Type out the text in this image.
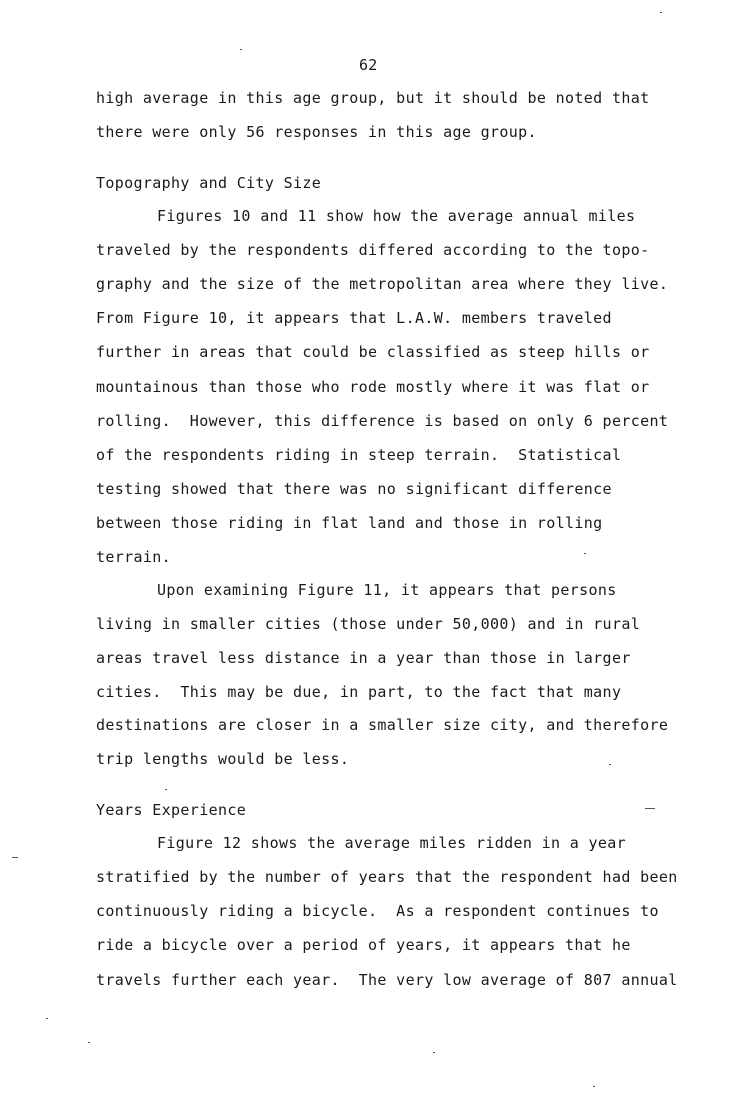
62
high average in this age group, but it should be noted that
there were only 56 responses in this age group.
Topography and City Size
Figures 10 and 11 show how the average annual miles
traveled by the respondents differed according to the topo-
graphy and the size of the metropolitan area where they live.
From Figure 10, it appears that L.A.W. members traveled
further in areas that could be classified as steep hills or
mountainous than those who rode mostly where it was flat or
rolling.  However, this difference is based on only 6 percent
of the respondents riding in steep terrain.  Statistical
testing showed that there was no significant difference
between those riding in flat land and those in rolling
terrain.
Upon examining Figure 11, it appears that persons
living in smaller cities (those under 50,000) and in rural
areas travel less distance in a year than those in larger
cities.  This may be due, in part, to the fact that many
destinations are closer in a smaller size city, and therefore
trip lengths would be less.
Years Experience
Figure 12 shows the average miles ridden in a year
stratified by the number of years that the respondent had been
continuously riding a bicycle.  As a respondent continues to
ride a bicycle over a period of years, it appears that he
travels further each year.  The very low average of 807 annual
